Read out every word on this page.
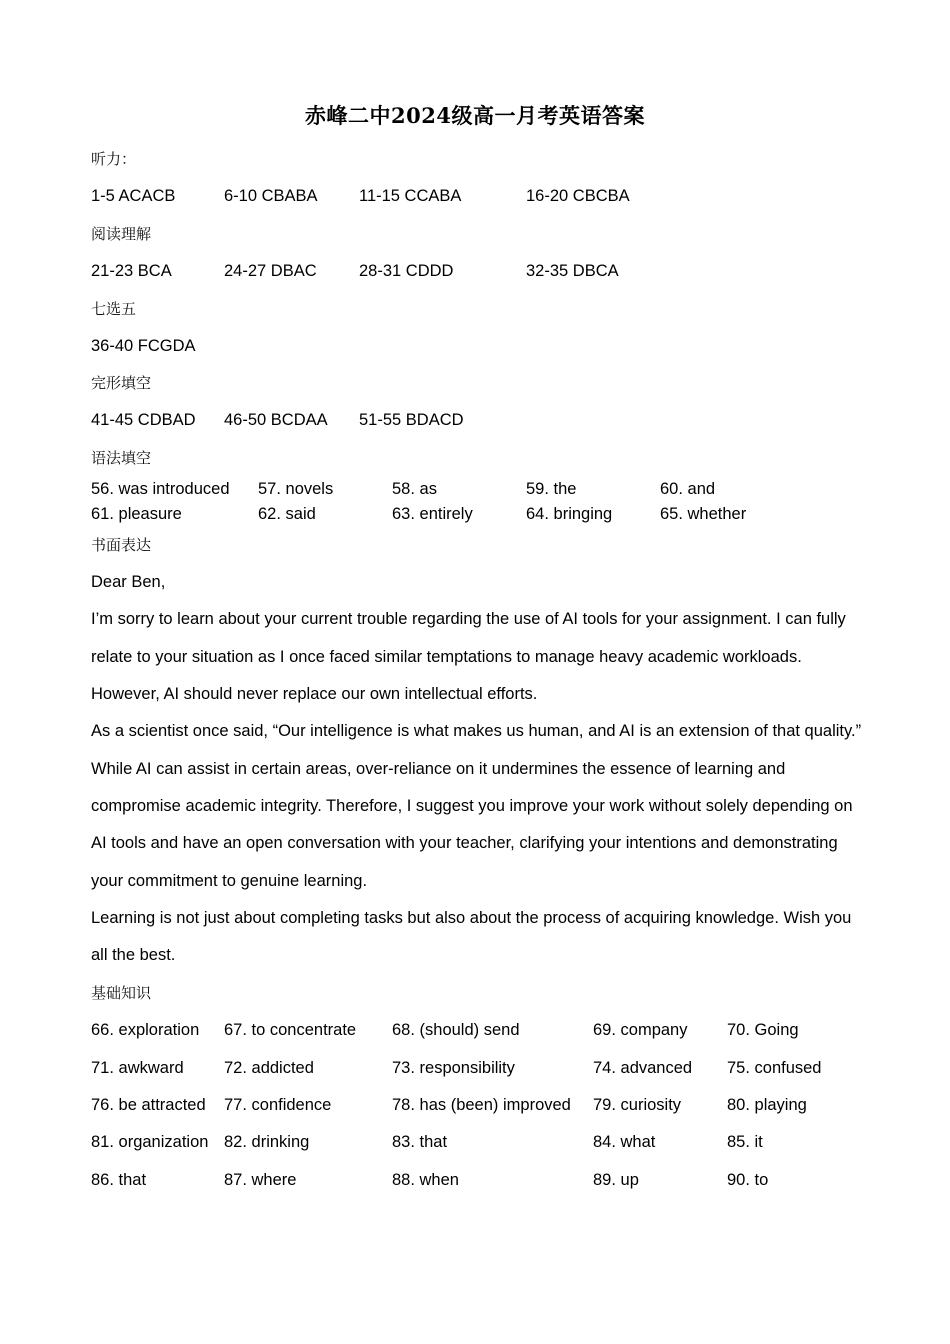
赤峰二中2024级高一月考英语答案
听力：
1-5 ACACB	6-10 CBABA	11-15 CCABA	16-20 CBCBA
阅读理解
21-23 BCA	24-27 DBAC	28-31 CDDD	32-35 DBCA
七选五
36-40 FCGDA
完形填空
41-45 CDBAD 46-50 BCDAA 51-55 BDACD
语法填空
56. was introduced 57. novels	58. as	59. the	60. and
61. pleasure	62. said	63. entirely	64. bringing	65. whether
书面表达
Dear Ben,
I’m sorry to learn about your current trouble regarding the use of AI tools for your assignment. I can fully
relate to your situation as I once faced similar temptations to manage heavy academic workloads.
However, AI should never replace our own intellectual efforts.
As a scientist once said, “Our intelligence is what makes us human, and AI is an extension of that quality.”
While AI can assist in certain areas, over-reliance on it undermines the essence of learning and
compromise academic integrity. Therefore, I suggest you improve your work without solely depending on
AI tools and have an open conversation with your teacher, clarifying your intentions and demonstrating
your commitment to genuine learning.
Learning is not just about completing tasks but also about the process of acquiring knowledge. Wish you
all the best.
基础知识
66. exploration 67. to concentrate 68. (should) send	69. company 70. Going
71. awkward 72. addicted	73. responsibility	74. advanced 75. confused
76. be attracted 77. confidence	78. has (been) improved 79. curiosity	80. playing
81. organization 82. drinking	83. that	84. what	85. it
86. that	87. where	88. when	89. up	90. to
